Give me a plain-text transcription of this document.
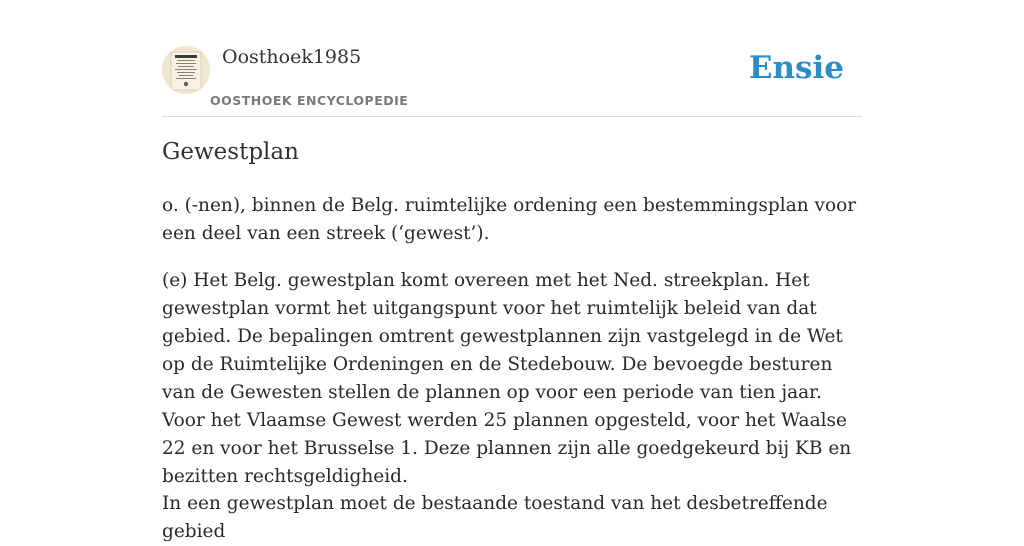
Oosthoek1985
OOSTHOEK ENCYCLOPEDIE
Ensie
Gewestplan

o. (-nen), binnen de Belg. ruimtelijke ordening een bestemmingsplan voor een deel van een streek (‘gewest’).

(e) Het Belg. gewestplan komt overeen met het Ned. streekplan. Het gewestplan vormt het uitgangspunt voor het ruimtelijk beleid van dat gebied. De bepalingen omtrent gewestplannen zijn vastgelegd in de Wet op de Ruimtelijke Ordeningen en de Stedebouw. De bevoegde besturen van de Gewesten stellen de plannen op voor een periode van tien jaar. Voor het Vlaamse Gewest werden 25 plannen opgesteld, voor het Waalse 22 en voor het Brusselse 1. Deze plannen zijn alle goedgekeurd bij KB en bezitten rechtsgeldigheid.

In een gewestplan moet de bestaande toestand van het desbetreffende gebied
